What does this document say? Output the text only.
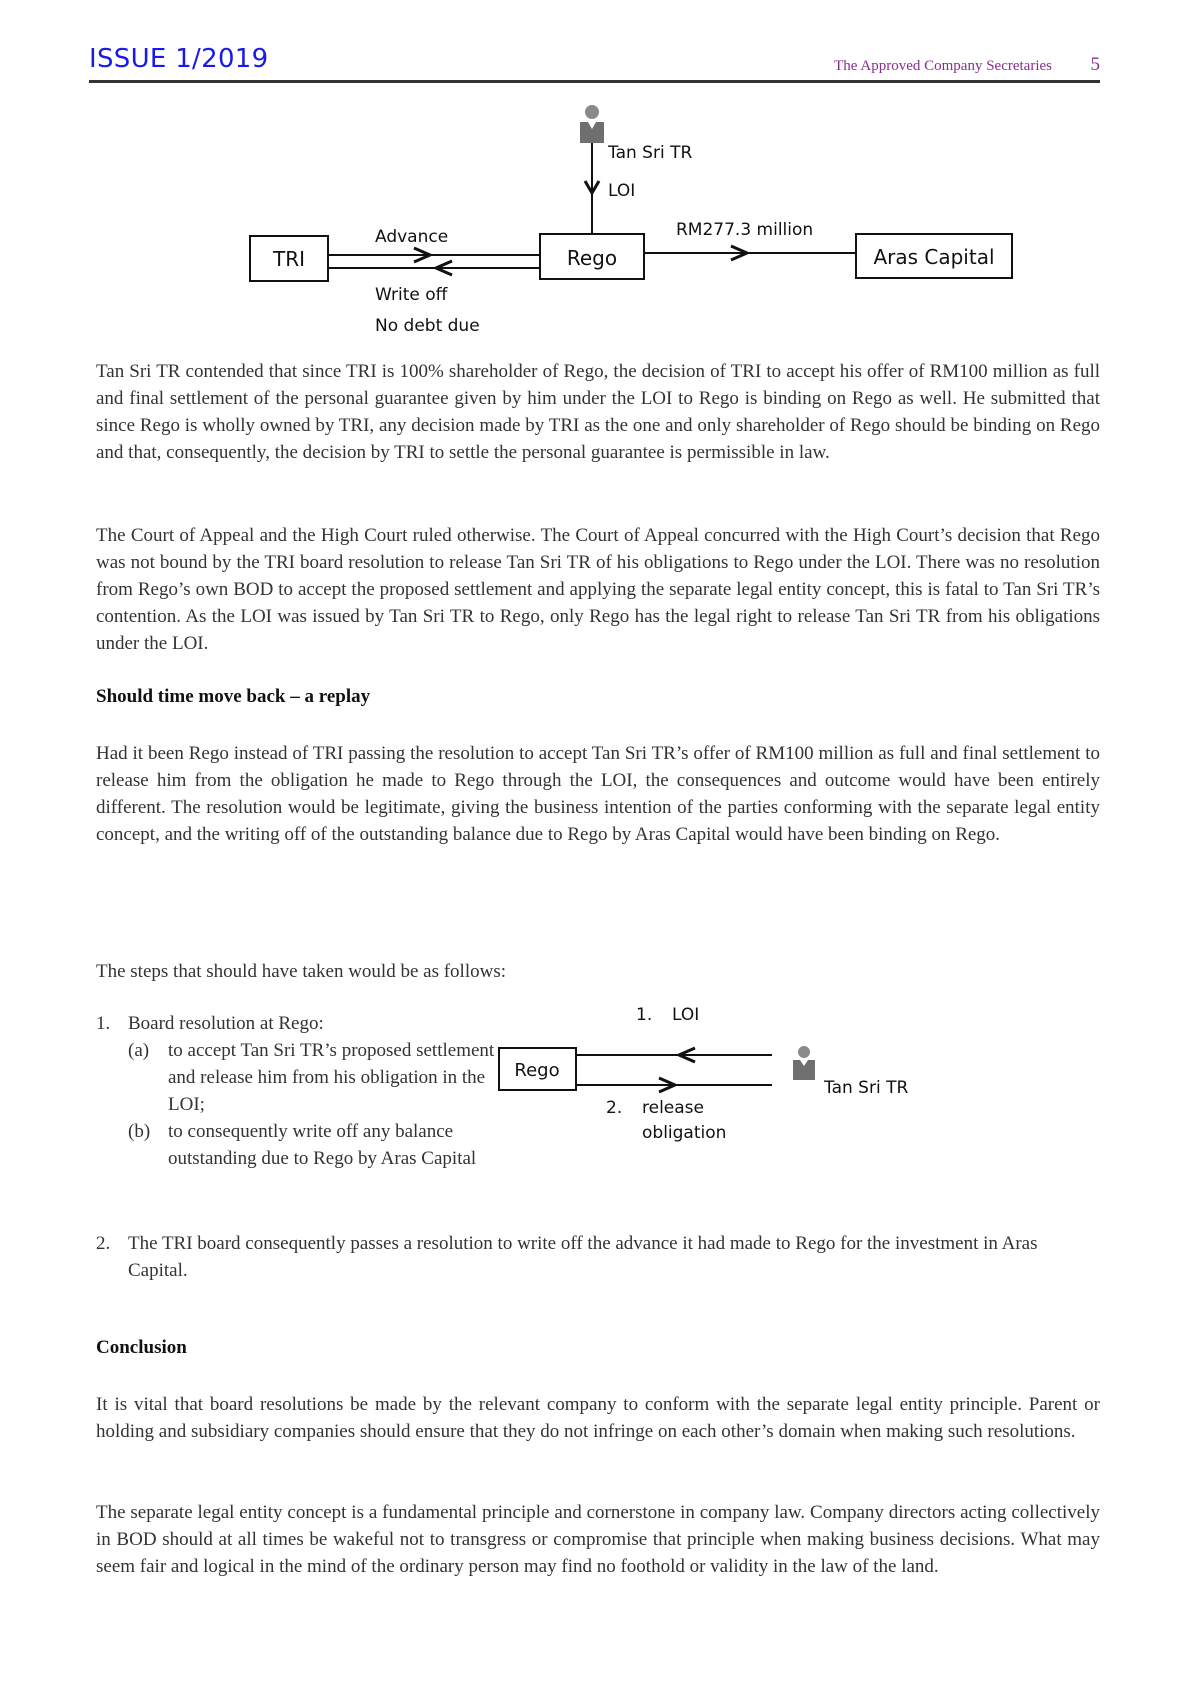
ISSUE 1/2019	The Approved Company Secretaries 5
Tan Sri TR
LOI
TRI	Rego	Aras Capital
Advance
Write off
No debt due
RM277.3 million

Tan Sri TR contended that since TRI is 100% shareholder of Rego, the decision of TRI to accept his offer of RM100 million as full and final settlement of the personal guarantee given by him under the LOI to Rego is binding on Rego as well. He submitted that since Rego is wholly owned by TRI, any decision made by TRI as the one and only shareholder of Rego should be binding on Rego and that, consequently, the decision by TRI to settle the personal guarantee is permissible in law.

The Court of Appeal and the High Court ruled otherwise. The Court of Appeal concurred with the High Court’s decision that Rego was not bound by the TRI board resolution to release Tan Sri TR of his obligations to Rego under the LOI. There was no resolution from Rego’s own BOD to accept the proposed settlement and applying the separate legal entity concept, this is fatal to Tan Sri TR’s contention. As the LOI was issued by Tan Sri TR to Rego, only Rego has the legal right to release Tan Sri TR from his obligations under the LOI.

Should time move back – a replay

Had it been Rego instead of TRI passing the resolution to accept Tan Sri TR’s offer of RM100 million as full and final settlement to release him from the obligation he made to Rego through the LOI, the consequences and outcome would have been entirely different. The resolution would be legitimate, giving the business intention of the parties conforming with the separate legal entity concept, and the writing off of the outstanding balance due to Rego by Aras Capital would have been binding on Rego.

The steps that should have taken would be as follows:

1. Board resolution at Rego:
(a) to accept Tan Sri TR’s proposed settlement and release him from his obligation in the LOI;
(b) to consequently write off any balance outstanding due to Rego by Aras Capital
1. LOI
Rego
Tan Sri TR
2. release
obligation
2. The TRI board consequently passes a resolution to write off the advance it had made to Rego for the investment in Aras Capital.
Conclusion

It is vital that board resolutions be made by the relevant company to conform with the separate legal entity principle. Parent or holding and subsidiary companies should ensure that they do not infringe on each other’s domain when making such resolutions.

The separate legal entity concept is a fundamental principle and cornerstone in company law. Company directors acting collectively in BOD should at all times be wakeful not to transgress or compromise that principle when making business decisions. What may seem fair and logical in the mind of the ordinary person may find no foothold or validity in the law of the land.
